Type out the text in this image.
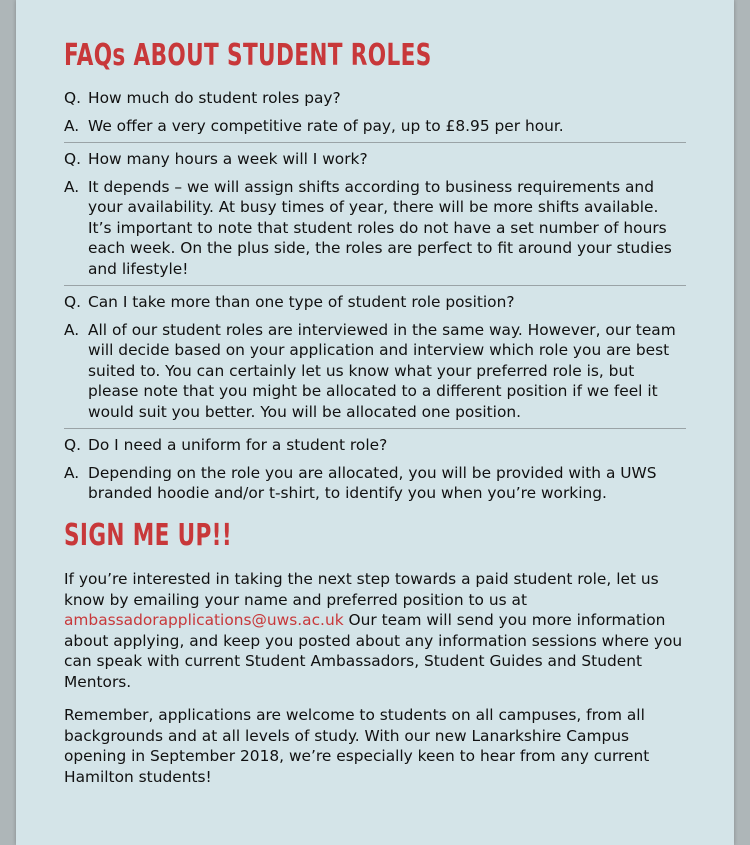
FAQs ABOUT STUDENT ROLES
Q. How much do student roles pay?
A. We offer a very competitive rate of pay, up to £8.95 per hour.
Q. How many hours a week will I work?
A. It depends – we will assign shifts according to business requirements and your availability. At busy times of year, there will be more shifts available. It’s important to note that student roles do not have a set number of hours each week. On the plus side, the roles are perfect to fit around your studies and lifestyle!
Q. Can I take more than one type of student role position?
A. All of our student roles are interviewed in the same way. However, our team will decide based on your application and interview which role you are best suited to. You can certainly let us know what your preferred role is, but please note that you might be allocated to a different position if we feel it would suit you better. You will be allocated one position.
Q. Do I need a uniform for a student role?
A. Depending on the role you are allocated, you will be provided with a UWS branded hoodie and/or t-shirt, to identify you when you’re working.
SIGN ME UP!!

If you’re interested in taking the next step towards a paid student role, let us know by emailing your name and preferred position to us at ambassadorapplications@uws.ac.uk Our team will send you more information about applying, and keep you posted about any information sessions where you can speak with current Student Ambassadors, Student Guides and Student Mentors.

Remember, applications are welcome to students on all campuses, from all backgrounds and at all levels of study. With our new Lanarkshire Campus opening in September 2018, we’re especially keen to hear from any current Hamilton students!
